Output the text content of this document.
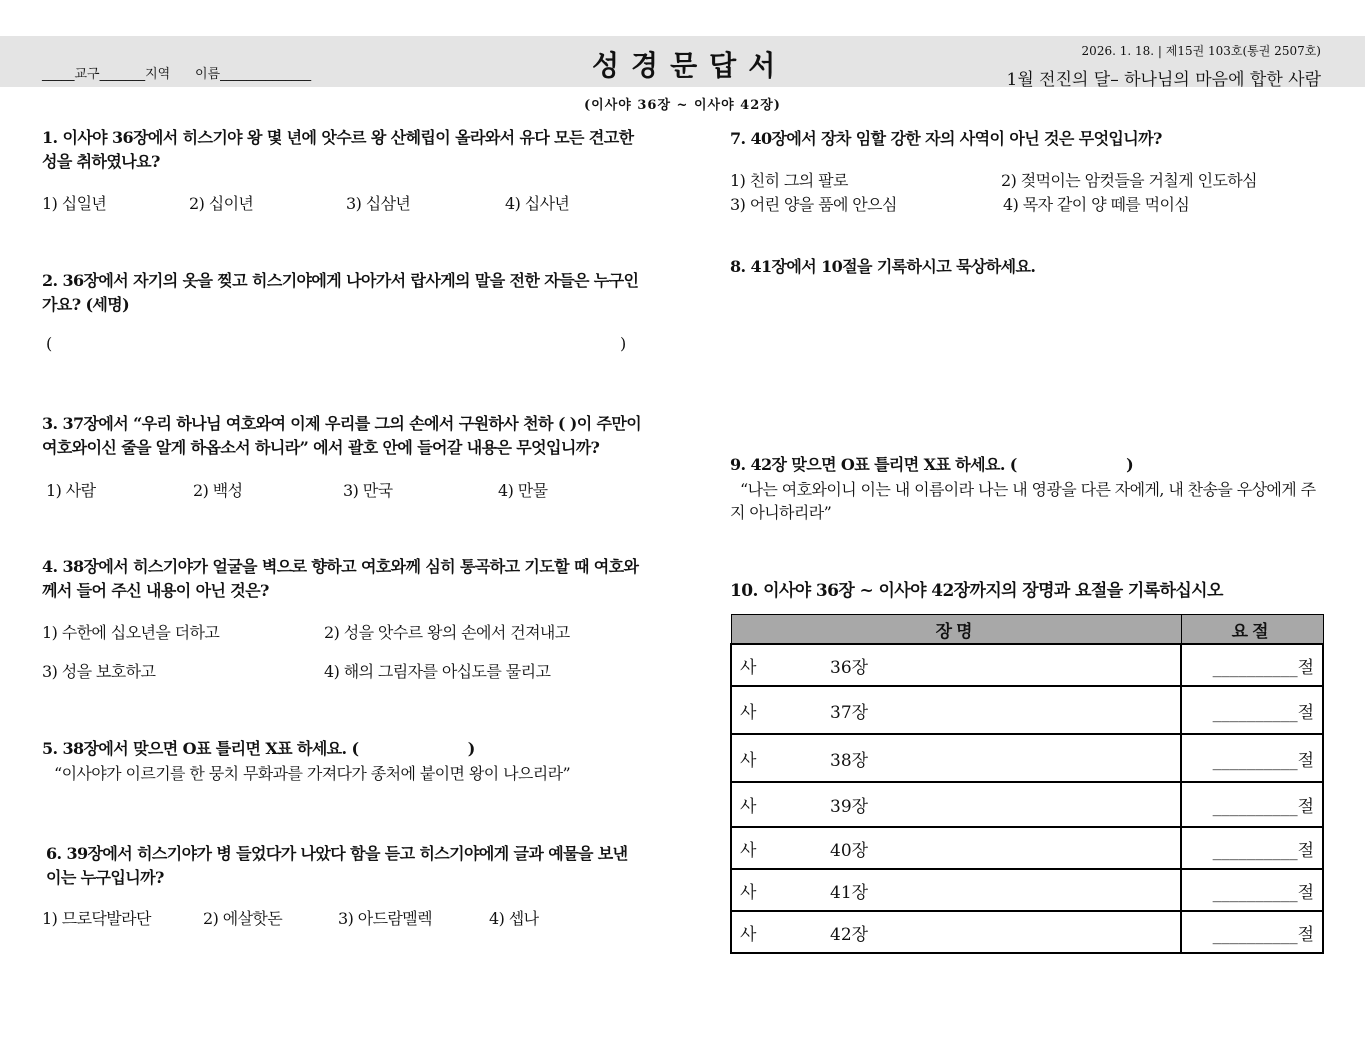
_____교구_______지역      이름______________	성경문답서	2026. 1. 18. | 제15권 103호(통권 2507호)
1월 전진의 달– 하나님의 마음에 합한 사람
(이사야 36장 ~ 이사야 42장)
1. 이사야 36장에서 히스기야 왕 몇 년에 앗수르 왕 산헤립이 올라와서 유다 모든 견고한 성을 취하였나요?
1) 십일년	2) 십이년	3) 십삼년	4) 십사년
2. 36장에서 자기의 옷을 찢고 히스기야에게 나아가서 랍사게의 말을 전한 자들은 누구인가요? (세명)
(	)
3. 37장에서 “우리 하나님 여호와여 이제 우리를 그의 손에서 구원하사 천하 ( )이 주만이 여호와이신 줄을 알게 하옵소서 하니라” 에서 괄호 안에 들어갈 내용은 무엇입니까?
1) 사람	2) 백성	3) 만국	4) 만물
4. 38장에서 히스기야가 얼굴을 벽으로 향하고 여호와께 심히 통곡하고 기도할 때 여호와께서 들어 주신 내용이 아닌 것은?
1) 수한에 십오년을 더하고	2) 성을 앗수르 왕의 손에서 건져내고
3) 성을 보호하고	4) 해의 그림자를 아십도를 물리고
5. 38장에서 맞으면 O표 틀리면 X표 하세요. (                      )
“이사야가 이르기를 한 뭉치 무화과를 가져다가 종처에 붙이면 왕이 나으리라”
6. 39장에서 히스기야가 병 들었다가 나았다 함을 듣고 히스기야에게 글과 예물을 보낸이는 누구입니까?
1) 므로닥발라단	2) 에살핫돈	3) 아드람멜렉	4) 셉나
7. 40장에서 장차 임할 강한 자의 사역이 아닌 것은 무엇입니까?
1) 친히 그의 팔로	2) 젖먹이는 암컷들을 거칠게 인도하심
3) 어린 양을 품에 안으심	4) 목자 같이 양 떼를 먹이심
8. 41장에서 10절을 기록하시고 묵상하세요.
9. 42장 맞으면 O표 틀리면 X표 하세요. (                      )
“나는 여호와이니 이는 내 이름이라 나는 내 영광을 다른 자에게, 내 찬송을 우상에게 주지 아니하리라”
10. 이사야 36장 ~ 이사야 42장까지의 장명과 요절을 기록하십시오
장명	요절
사 36장	__________절
사 37장	__________절
사 38장	__________절
사 39장	__________절
사 40장	__________절
사 41장	__________절
사 42장	__________절
